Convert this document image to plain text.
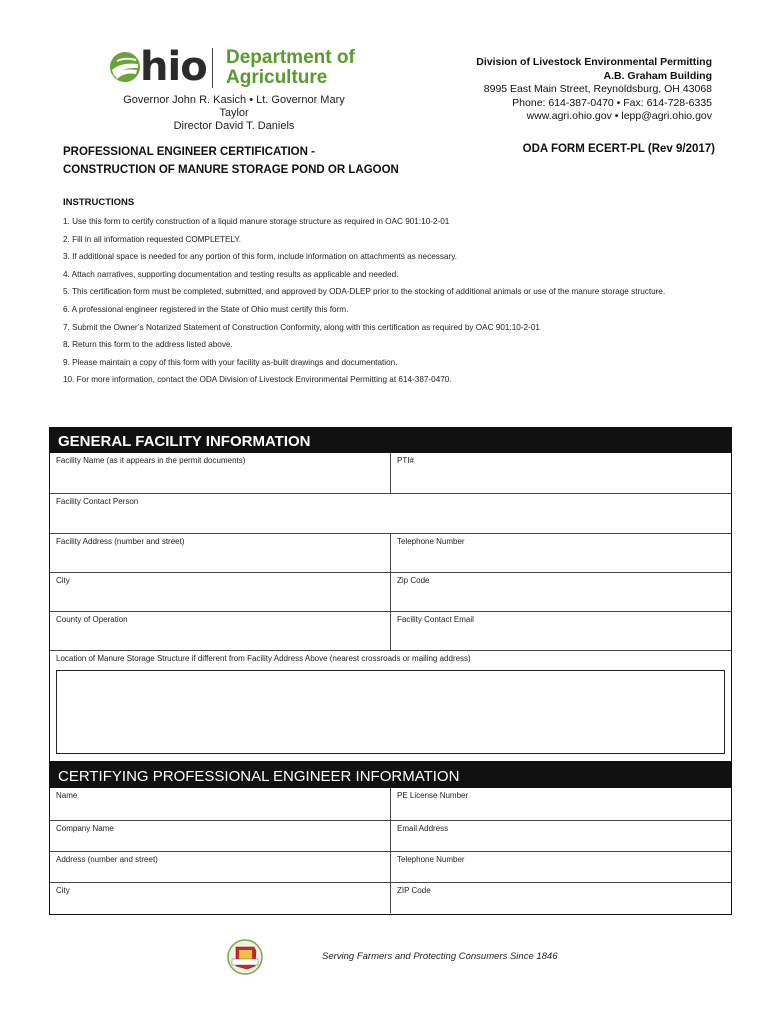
hio Department of
Agriculture
Governor John R. Kasich • Lt. Governor Mary Taylor
Director David T. Daniels
Division of Livestock Environmental Permitting
A.B. Graham Building
8995 East Main Street, Reynoldsburg, OH 43068
Phone: 614-387-0470 • Fax: 614-728-6335
www.agri.ohio.gov • lepp@agri.ohio.gov
PROFESSIONAL ENGINEER CERTIFICATION -
CONSTRUCTION OF MANURE STORAGE POND OR LAGOON
ODA FORM ECERT-PL (Rev 9/2017)
INSTRUCTIONS
1. Use this form to certify construction of a liquid manure storage structure as required in OAC 901:10-2-01
2. Fill in all information requested COMPLETELY.
3. If additional space is needed for any portion of this form, include information on attachments as necessary.
4. Attach narratives, supporting documentation and testing results as applicable and needed.
5. This certification form must be completed, submitted, and approved by ODA-DLEP prior to the stocking of additional animals or use of the manure storage structure.
6. A professional engineer registered in the State of Ohio must certify this form.
7. Submit the Owner’s Notarized Statement of Construction Conformity, along with this certification as required by OAC 901:10-2-01
8. Return this form to the address listed above.
9. Please maintain a copy of this form with your facility as-built drawings and documentation.
10. For more information, contact the ODA Division of Livestock Environmental Permitting at 614-387-0470.
GENERAL FACILITY INFORMATION
Facility Name (as it appears in the permit documents)	PTI#
Facility Contact Person
Facility Address (number and street)	Telephone Number
City	Zip Code
County of Operation	Facility Contact Email
Location of Manure Storage Structure if different from Facility Address Above (nearest crossroads or mailing address)
CERTIFYING PROFESSIONAL ENGINEER INFORMATION
Name	PE License Number
Company Name	Email Address
Address (number and street)	Telephone Number
City	ZIP Code
Serving Farmers and Protecting Consumers Since 1846
